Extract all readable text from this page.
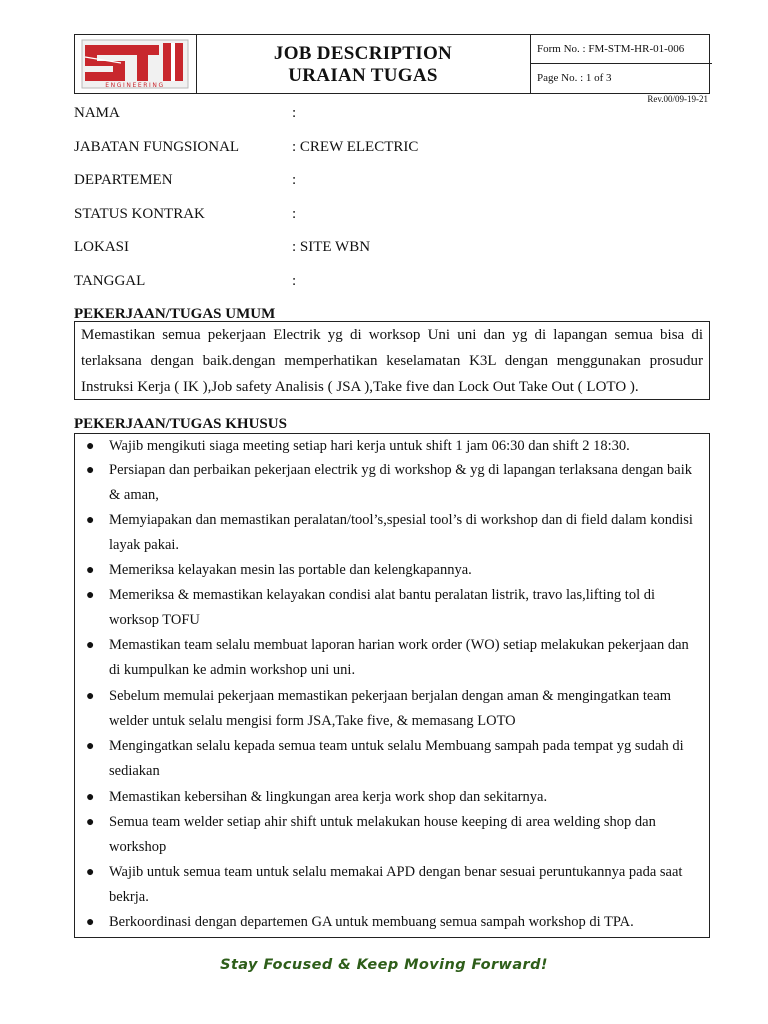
ENGINEERING
JOB DESCRIPTION
URAIAN TUGAS
Form No. : FM-STM-HR-01-006
Page No. : 1 of 3
Rev.00/09-19-21
NAMA	:
JABATAN FUNGSIONAL	: CREW ELECTRIC
DEPARTEMEN	:
STATUS KONTRAK	:
LOKASI	: SITE WBN
TANGGAL	:
PEKERJAAN/TUGAS UMUM

Memastikan semua pekerjaan Electrik yg di worksop Uni uni dan yg di lapangan semua bisa di terlaksana dengan baik.dengan memperhatikan keselamatan K3L dengan menggunakan prosudur Instruksi Kerja ( IK ),Job safety Analisis ( JSA ),Take five dan Lock Out Take Out ( LOTO ).

PEKERJAAN/TUGAS KHUSUS
● Wajib mengikuti siaga meeting setiap hari kerja untuk shift 1 jam 06:30 dan shift 2 18:30.
● Persiapan dan perbaikan pekerjaan electrik yg di workshop & yg di lapangan terlaksana dengan baik & aman,
● Memyiapakan dan memastikan peralatan/tool’s,spesial tool’s di workshop dan di field dalam kondisi layak pakai.
● Memeriksa kelayakan mesin las portable dan kelengkapannya.
● Memeriksa & memastikan kelayakan condisi alat bantu peralatan listrik, travo las,lifting tol di worksop TOFU
● Memastikan team selalu membuat laporan harian work order (WO) setiap melakukan pekerjaan dan di kumpulkan ke admin workshop uni uni.
● Sebelum memulai pekerjaan memastikan pekerjaan berjalan dengan aman & mengingatkan team welder untuk selalu mengisi form JSA,Take five, & memasang LOTO
● Mengingatkan selalu kepada semua team untuk selalu Membuang sampah pada tempat yg sudah di sediakan
● Memastikan kebersihan & lingkungan area kerja work shop dan sekitarnya.
● Semua team welder setiap ahir shift untuk melakukan house keeping di area welding shop dan workshop
● Wajib untuk semua team untuk selalu memakai APD dengan benar sesuai peruntukannya pada saat bekrja.
● Berkoordinasi dengan departemen GA untuk membuang semua sampah workshop di TPA.
Stay Focused & Keep Moving Forward!
